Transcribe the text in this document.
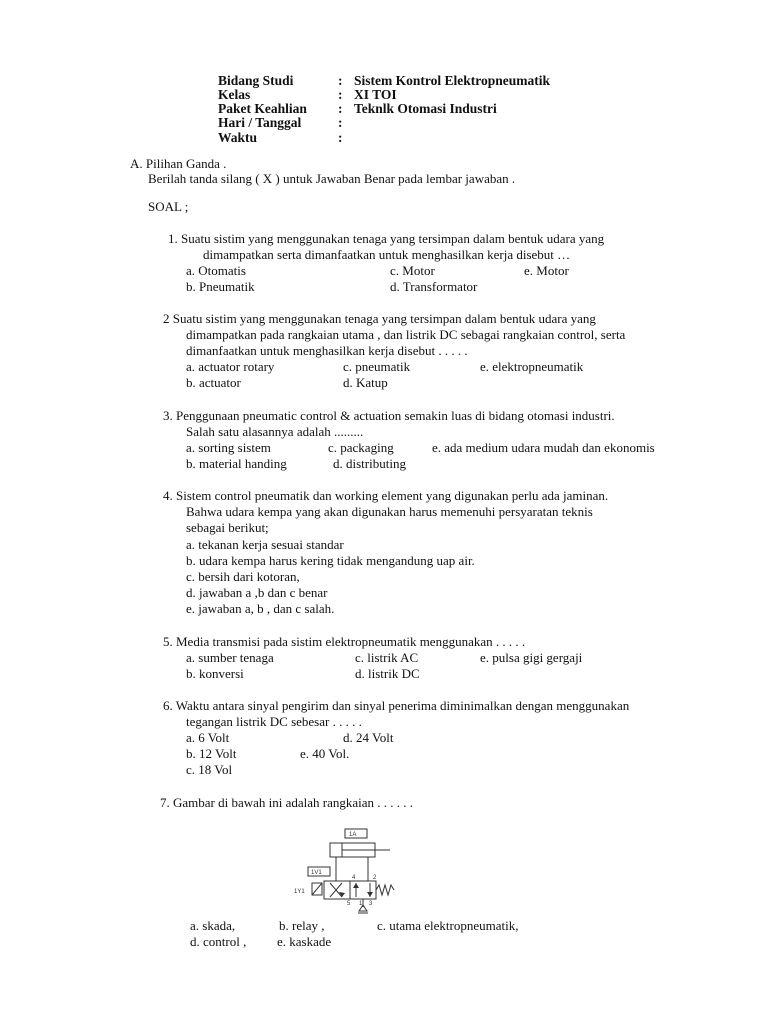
Bidang Studi	: Sistem Kontrol Elektropneumatik
Kelas	: XI TOI
Paket Keahlian : Teknlk Otomasi Industri
Hari / Tanggal	:
Waktu	:
A. Pilihan Ganda .
Berilah tanda silang ( X ) untuk Jawaban Benar pada lembar jawaban .
SOAL ;
1. Suatu sistim yang menggunakan tenaga yang tersimpan dalam bentuk udara yang
dimampatkan serta dimanfaatkan untuk menghasilkan kerja disebut …
a. Otomatis	c. Motor	e. Motor
b. Pneumatik	d. Transformator
2 Suatu sistim yang menggunakan tenaga yang tersimpan dalam bentuk udara yang
dimampatkan pada rangkaian utama , dan listrik DC sebagai rangkaian control, serta
dimanfaatkan untuk menghasilkan kerja disebut . . . . .
a. actuator rotary	c. pneumatik	e. elektropneumatik
b. actuator	d. Katup
3. Penggunaan pneumatic control & actuation semakin luas di bidang otomasi industri.
Salah satu alasannya adalah .........
a. sorting sistem	c. packaging	e. ada medium udara mudah dan ekonomis
b. material handing	d. distributing
4. Sistem control pneumatik dan working element yang digunakan perlu ada jaminan.
Bahwa udara kempa yang akan digunakan harus memenuhi persyaratan teknis
sebagai berikut;
a. tekanan kerja sesuai standar
b. udara kempa harus kering tidak mengandung uap air.
c. bersih dari kotoran,
d. jawaban a ,b dan c benar
e. jawaban a, b , dan c salah.
5. Media transmisi pada sistim elektropneumatik menggunakan . . . . .
a. sumber tenaga	c. listrik AC	e. pulsa gigi gergaji
b. konversi	d. listrik DC
6. Waktu antara sinyal pengirim dan sinyal penerima diminimalkan dengan menggunakan
tegangan listrik DC sebesar . . . . .
a. 6 Volt	d. 24 Volt
b. 12 Volt	e. 40 Vol.
c. 18 Vol
7. Gambar di bawah ini adalah rangkaian . . . . . .
1A
1V1
1Y1
4	2
5 1 3
a. skada,	b. relay ,	c. utama elektropneumatik,
d. control , e. kaskade
